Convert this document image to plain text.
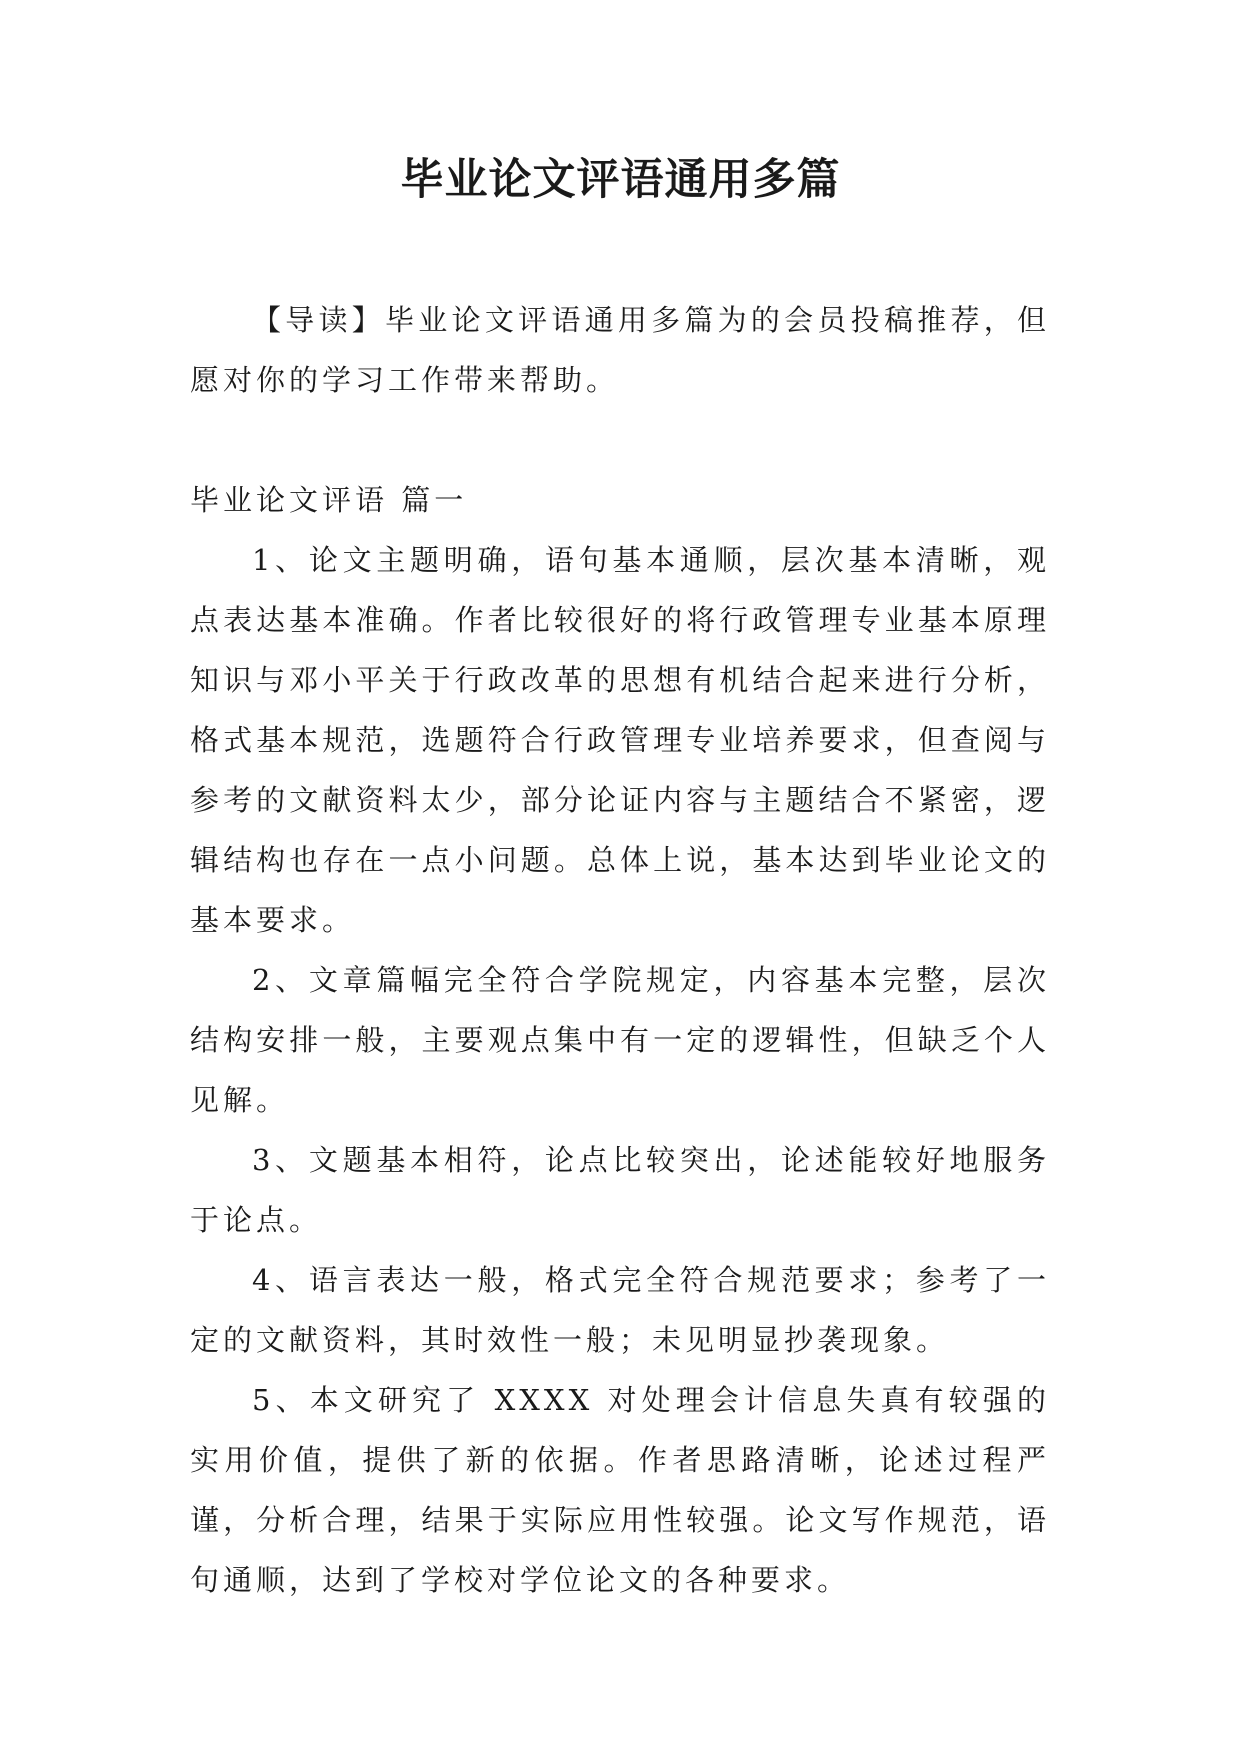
毕业论文评语通用多篇

【导读】毕业论文评语通用多篇为的会员投稿推荐，但愿对你的学习工作带来帮助。

毕业论文评语 篇一

1、论文主题明确，语句基本通顺，层次基本清晰，观点表达基本准确。作者比较很好的将行政管理专业基本原理知识与邓小平关于行政改革的思想有机结合起来进行分析，格式基本规范，选题符合行政管理专业培养要求，但查阅与参考的文献资料太少，部分论证内容与主题结合不紧密，逻辑结构也存在一点小问题。总体上说，基本达到毕业论文的基本要求。

2、文章篇幅完全符合学院规定，内容基本完整，层次结构安排一般，主要观点集中有一定的逻辑性，但缺乏个人见解。

3、文题基本相符，论点比较突出，论述能较好地服务于论点。

4、语言表达一般，格式完全符合规范要求；参考了一定的文献资料，其时效性一般；未见明显抄袭现象。

5、本文研究了 XXXX 对处理会计信息失真有较强的实用价值，提供了新的依据。作者思路清晰，论述过程严谨，分析合理，结果于实际应用性较强。论文写作规范，语句通顺，达到了学校对学位论文的各种要求。
